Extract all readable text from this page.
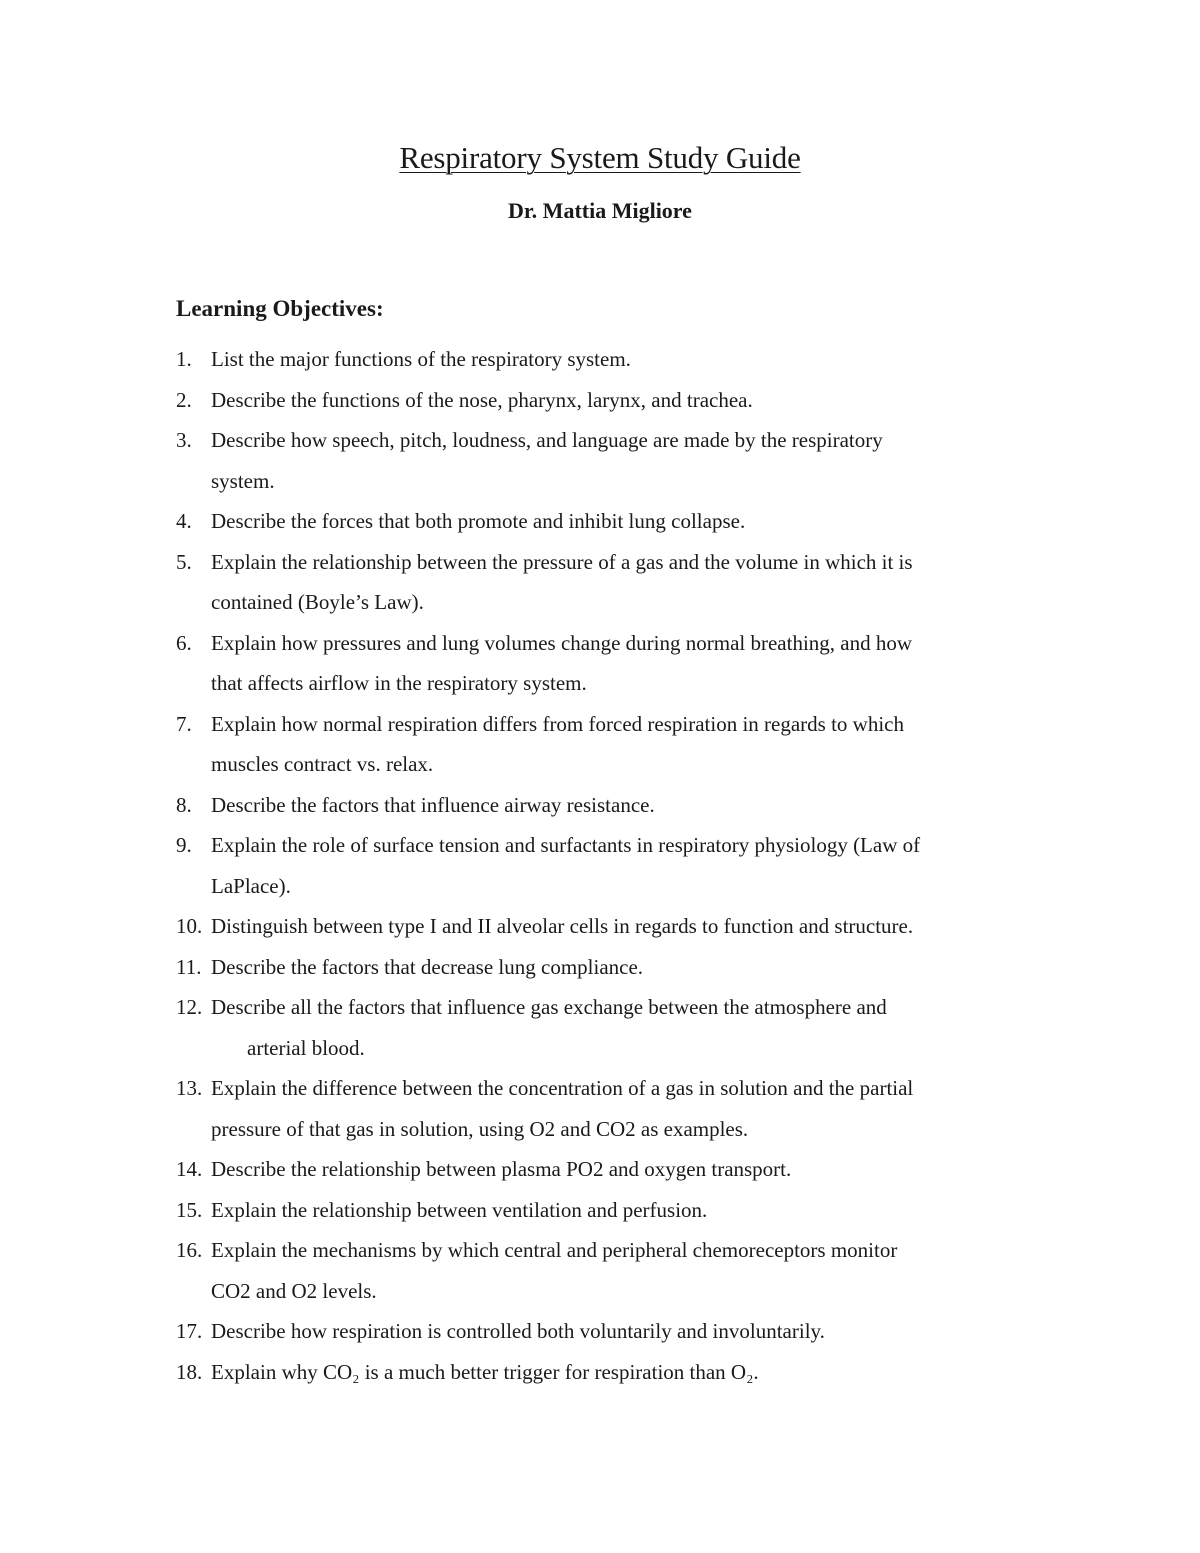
Respiratory System Study Guide
Dr. Mattia Migliore
Learning Objectives:
1. List the major functions of the respiratory system.
2. Describe the functions of the nose, pharynx, larynx, and trachea.
3. Describe how speech, pitch, loudness, and language are made by the respiratory
system.
4. Describe the forces that both promote and inhibit lung collapse.
5. Explain the relationship between the pressure of a gas and the volume in which it is
contained (Boyle’s Law).
6. Explain how pressures and lung volumes change during normal breathing, and how
that affects airflow in the respiratory system.
7. Explain how normal respiration differs from forced respiration in regards to which
muscles contract vs. relax.
8. Describe the factors that influence airway resistance.
9. Explain the role of surface tension and surfactants in respiratory physiology (Law of
LaPlace).
10. Distinguish between type I and II alveolar cells in regards to function and structure.
11. Describe the factors that decrease lung compliance.
12. Describe all the factors that influence gas exchange between the atmosphere and
arterial blood.
13. Explain the difference between the concentration of a gas in solution and the partial
pressure of that gas in solution, using O2 and CO2 as examples.
14. Describe the relationship between plasma PO2 and oxygen transport.
15. Explain the relationship between ventilation and perfusion.
16. Explain the mechanisms by which central and peripheral chemoreceptors monitor
CO2 and O2 levels.
17. Describe how respiration is controlled both voluntarily and involuntarily.
18. Explain why CO₂ is a much better trigger for respiration than O₂.
